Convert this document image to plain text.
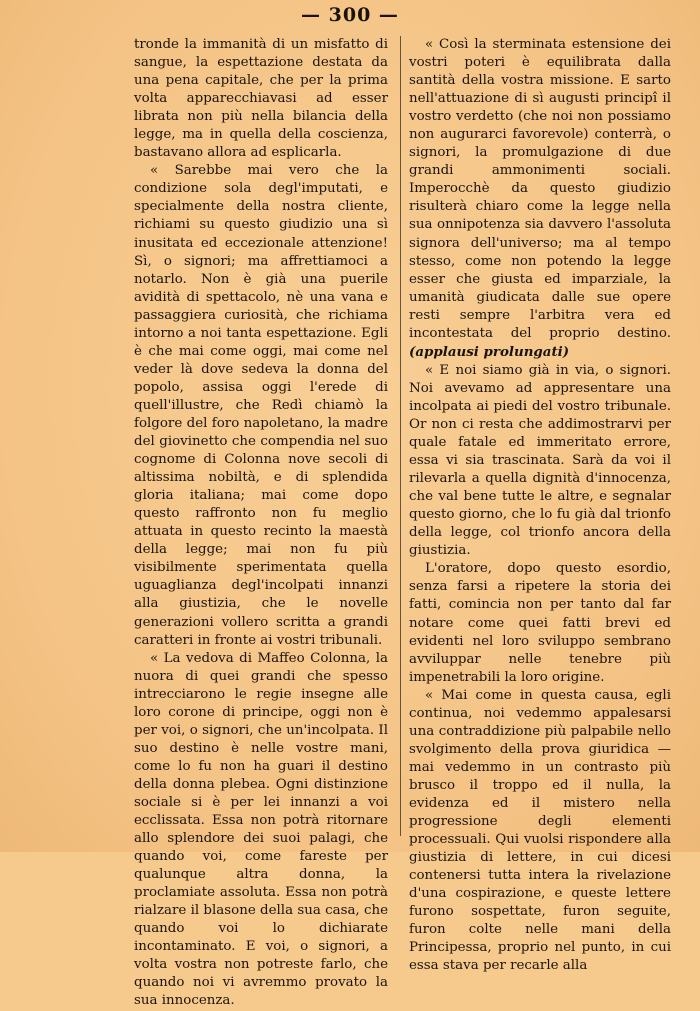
— 300 —

tronde la immanità di un misfatto di sangue, la espettazione destata da una pena capitale, che per la prima volta apparecchiavasi ad esser librata non più nella bilancia della legge, ma in quella della coscienza, bastavano allora ad esplicarla.

« Sarebbe mai vero che la condizione sola degl'imputati, e specialmente della nostra cliente, richiami su questo giudizio una sì inusitata ed eccezionale attenzione! Sì, o signori; ma affrettiamoci a notarlo. Non è già una puerile avidità di spettacolo, nè una vana e passaggiera curiosità, che richiama intorno a noi tanta espettazione. Egli è che mai come oggi, mai come nel veder là dove sedeva la donna del popolo, assisa oggi l'erede di quell'illustre, che Redì chiamò la folgore del foro napoletano, la madre del giovinetto che compendia nel suo cognome di Colonna nove secoli di altissima nobiltà, e di splendida gloria italiana; mai come dopo questo raffronto non fu meglio attuata in questo recinto la maestà della legge; mai non fu più visibilmente sperimentata quella uguaglianza degl'incolpati innanzi alla giustizia, che le novelle generazioni vollero scritta a grandi caratteri in fronte ai vostri tribunali.

« La vedova di Maffeo Colonna, la nuora di quei grandi che spesso intrecciarono le regie insegne alle loro corone di principe, oggi non è per voi, o signori, che un'incolpata. Il suo destino è nelle vostre mani, come lo fu non ha guari il destino della donna plebea. Ogni distinzione sociale si è per lei innanzi a voi ecclissata. Essa non potrà ritornare allo splendore dei suoi palagi, che quando voi, come fareste per qualunque altra donna, la proclamiate assoluta. Essa non potrà rialzare il blasone della sua casa, che quando voi lo dichiarate incontaminato. E voi, o signori, a volta vostra non potreste farlo, che quando noi vi avremmo provato la sua innocenza.

« Così la sterminata estensione dei vostri poteri è equilibrata dalla santità della vostra missione. E sarto nell'attuazione di sì augusti principî il vostro verdetto (che noi non possiamo non augurarci favorevole) conterrà, o signori, la promulgazione di due grandi ammonimenti sociali. Imperocchè da questo giudizio risulterà chiaro come la legge nella sua onnipotenza sia davvero l'assoluta signora dell'universo; ma al tempo stesso, come non potendo la legge esser che giusta ed imparziale, la umanità giudicata dalle sue opere resti sempre l'arbitra vera ed incontestata del proprio destino. (applausi prolungati)

« E noi siamo già in via, o signori. Noi avevamo ad appresentare una incolpata ai piedi del vostro tribunale. Or non ci resta che addimostrarvi per quale fatale ed immeritato errore, essa vi sia trascinata. Sarà da voi il rilevarla a quella dignità d'innocenza, che val bene tutte le altre, e segnalar questo giorno, che lo fu già dal trionfo della legge, col trionfo ancora della giustizia.

L'oratore, dopo questo esordio, senza farsi a ripetere la storia dei fatti, comincia non per tanto dal far notare come quei fatti brevi ed evidenti nel loro sviluppo sembrano avviluppar nelle tenebre più impenetrabili la loro origine.

« Mai come in questa causa, egli continua, noi vedemmo appalesarsi una contraddizione più palpabile nello svolgimento della prova giuridica — mai vedemmo in un contrasto più brusco il troppo ed il nulla, la evidenza ed il mistero nella progressione degli elementi processuali. Qui vuolsi rispondere alla giustizia di lettere, in cui dicesi contenersi tutta intera la rivelazione d'una cospirazione, e queste lettere furono sospettate, furon seguite, furon colte nelle mani della Principessa, proprio nel punto, in cui essa stava per recarle alla
